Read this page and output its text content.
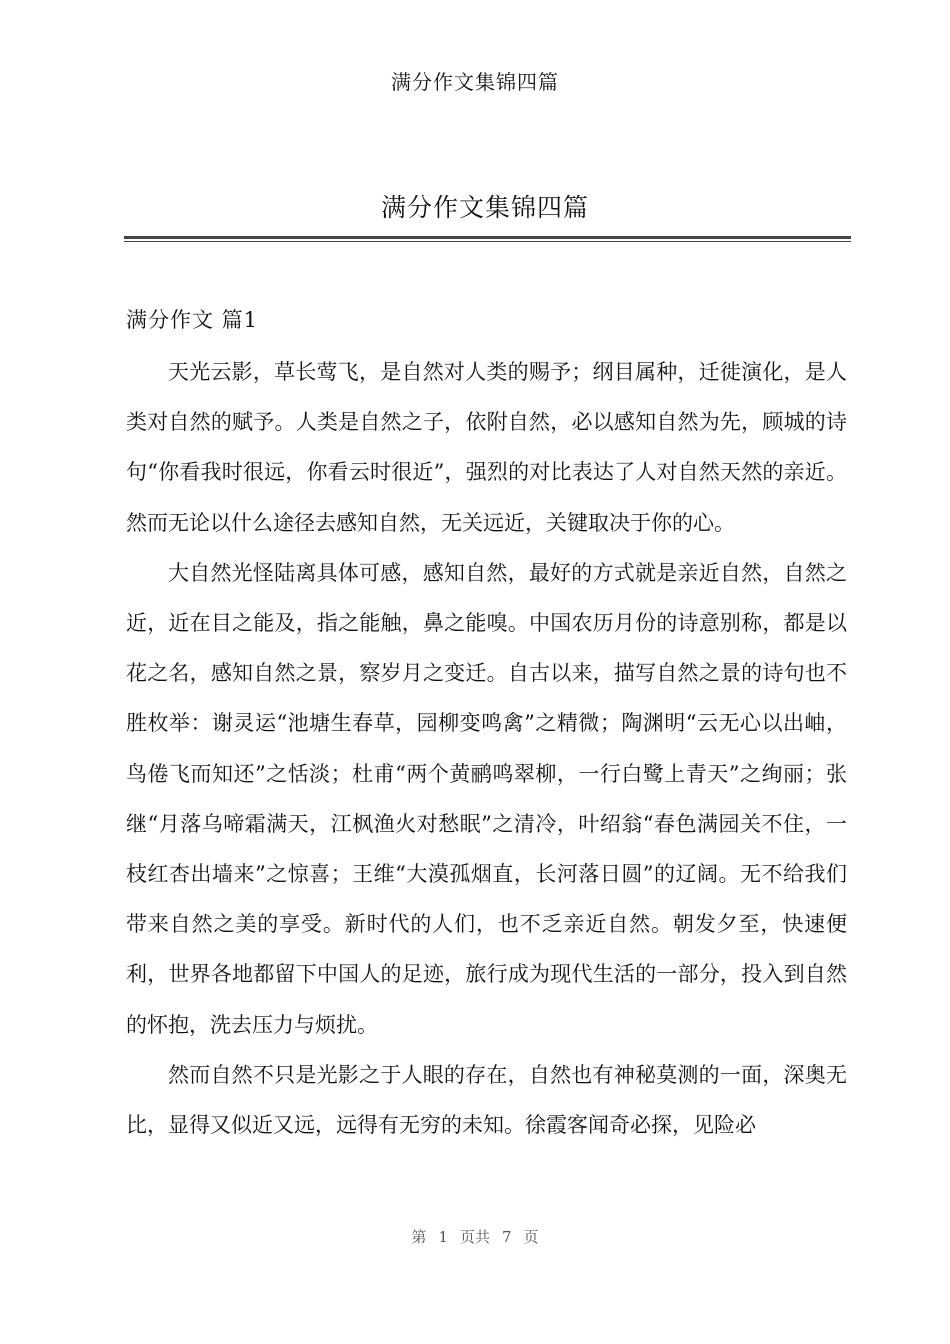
满分作文集锦四篇
满分作文集锦四篇
满分作文 篇1

天光云影，草长莺飞，是自然对人类的赐予；纲目属种，迁徙演化，是人类对自然的赋予。人类是自然之子，依附自然，必以感知自然为先，顾城的诗句“你看我时很远，你看云时很近”，强烈的对比表达了人对自然天然的亲近。然而无论以什么途径去感知自然，无关远近，关键取决于你的心。

大自然光怪陆离具体可感，感知自然，最好的方式就是亲近自然，自然之近，近在目之能及，指之能触，鼻之能嗅。中国农历月份的诗意别称，都是以花之名，感知自然之景，察岁月之变迁。自古以来，描写自然之景的诗句也不胜枚举：谢灵运“池塘生春草，园柳变鸣禽”之精微；陶渊明“云无心以出岫，鸟倦飞而知还”之恬淡；杜甫“两个黄鹂鸣翠柳，一行白鹭上青天”之绚丽；张继“月落乌啼霜满天，江枫渔火对愁眠”之清冷，叶绍翁“春色满园关不住，一枝红杏出墙来”之惊喜；王维“大漠孤烟直，长河落日圆”的辽阔。无不给我们带来自然之美的享受。新时代的人们，也不乏亲近自然。朝发夕至，快速便利，世界各地都留下中国人的足迹，旅行成为现代生活的一部分，投入到自然的怀抱，洗去压力与烦扰。

然而自然不只是光影之于人眼的存在，自然也有神秘莫测的一面，深奥无比，显得又似近又远，远得有无穷的未知。徐霞客闻奇必探，见险必

第 1 页共 7 页
